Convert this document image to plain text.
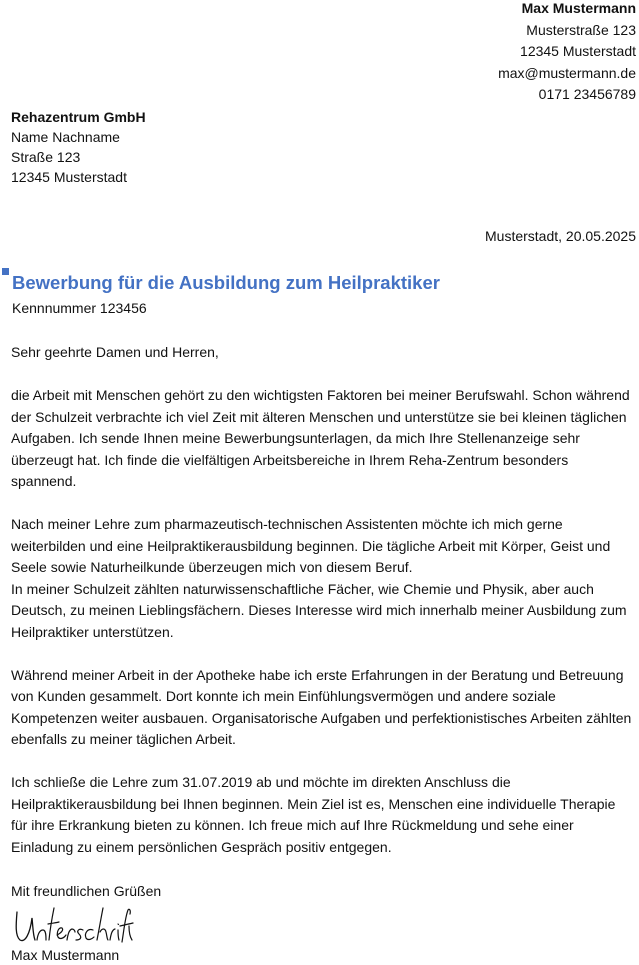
Max Mustermann
Musterstraße 123
12345 Musterstadt
max@mustermann.de
0171 23456789
Rehazentrum GmbH
Name Nachname
Straße 123
12345 Musterstadt
Musterstadt, 20.05.2025
Bewerbung für die Ausbildung zum Heilpraktiker
Kennnummer 123456

Sehr geehrte Damen und Herren,

die Arbeit mit Menschen gehört zu den wichtigsten Faktoren bei meiner Berufswahl. Schon während der Schulzeit verbrachte ich viel Zeit mit älteren Menschen und unterstütze sie bei kleinen täglichen Aufgaben. Ich sende Ihnen meine Bewerbungsunterlagen, da mich Ihre Stellenanzeige sehr überzeugt hat. Ich finde die vielfältigen Arbeitsbereiche in Ihrem Reha-Zentrum besonders spannend.

Nach meiner Lehre zum pharmazeutisch-technischen Assistenten möchte ich mich gerne weiterbilden und eine Heilpraktikerausbildung beginnen. Die tägliche Arbeit mit Körper, Geist und Seele sowie Naturheilkunde überzeugen mich von diesem Beruf.

In meiner Schulzeit zählten naturwissenschaftliche Fächer, wie Chemie und Physik, aber auch Deutsch, zu meinen Lieblingsfächern. Dieses Interesse wird mich innerhalb meiner Ausbildung zum Heilpraktiker unterstützen.

Während meiner Arbeit in der Apotheke habe ich erste Erfahrungen in der Beratung und Betreuung von Kunden gesammelt. Dort konnte ich mein Einfühlungsvermögen und andere soziale Kompetenzen weiter ausbauen. Organisatorische Aufgaben und perfektionistisches Arbeiten zählten ebenfalls zu meiner täglichen Arbeit.

Ich schließe die Lehre zum 31.07.2019 ab und möchte im direkten Anschluss die Heilpraktikerausbildung bei Ihnen beginnen. Mein Ziel ist es, Menschen eine individuelle Therapie für ihre Erkrankung bieten zu können. Ich freue mich auf Ihre Rückmeldung und sehe einer Einladung zu einem persönlichen Gespräch positiv entgegen.

Mit freundlichen Grüßen
Max Mustermann
